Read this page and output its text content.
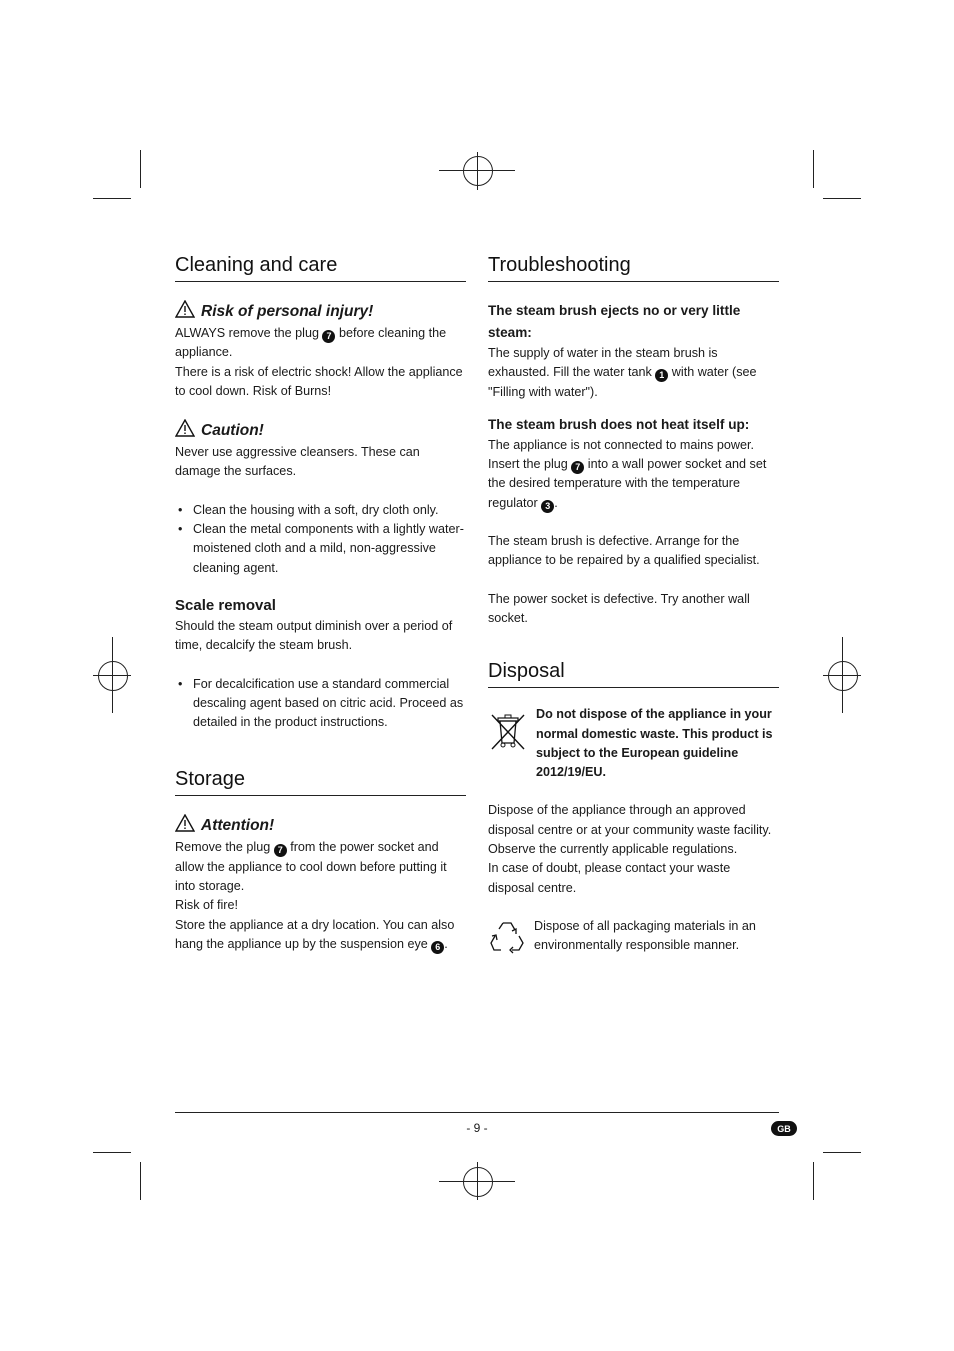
Cleaning and care
Risk of personal injury!

ALWAYS remove the plug 7 before cleaning the appliance.

There is a risk of electric shock! Allow the appliance to cool down. Risk of Burns!

Caution!

Never use aggressive cleansers. These can damage the surfaces.

• Clean the housing with a soft, dry cloth only.
• Clean the metal components with a lightly water-moistened cloth and a mild, non-aggressive cleaning agent.
Scale removal

Should the steam output diminish over a period of time, decalcify the steam brush.

• For decalcification use a standard commercial descaling agent based on citric acid. Proceed as detailed in the product instructions.
Storage
Attention!

Remove the plug 7 from the power socket and allow the appliance to cool down before putting it into storage.

Risk of fire!

Store the appliance at a dry location. You can also hang the appliance up by the suspension eye 6 .

Troubleshooting
The steam brush ejects no or very little steam:

The supply of water in the steam brush is exhausted. Fill the water tank 1 with water (see "Filling with water").

The steam brush does not heat itself up:

The appliance is not connected to mains power. Insert the plug 7 into a wall power socket and set the desired temperature with the temperature regulator 3 .

The steam brush is defective. Arrange for the appliance to be repaired by a qualified specialist.

The power socket is defective. Try another wall socket.

Disposal

Do not dispose of the appliance in your normal domestic waste. This product is subject to the European guideline 2012/19/EU.

Dispose of the appliance through an approved disposal centre or at your community waste facility. Observe the currently applicable regulations.

In case of doubt, please contact your waste disposal centre.

Dispose of all packaging materials in an environmentally responsible manner.

- 9 -	GB
